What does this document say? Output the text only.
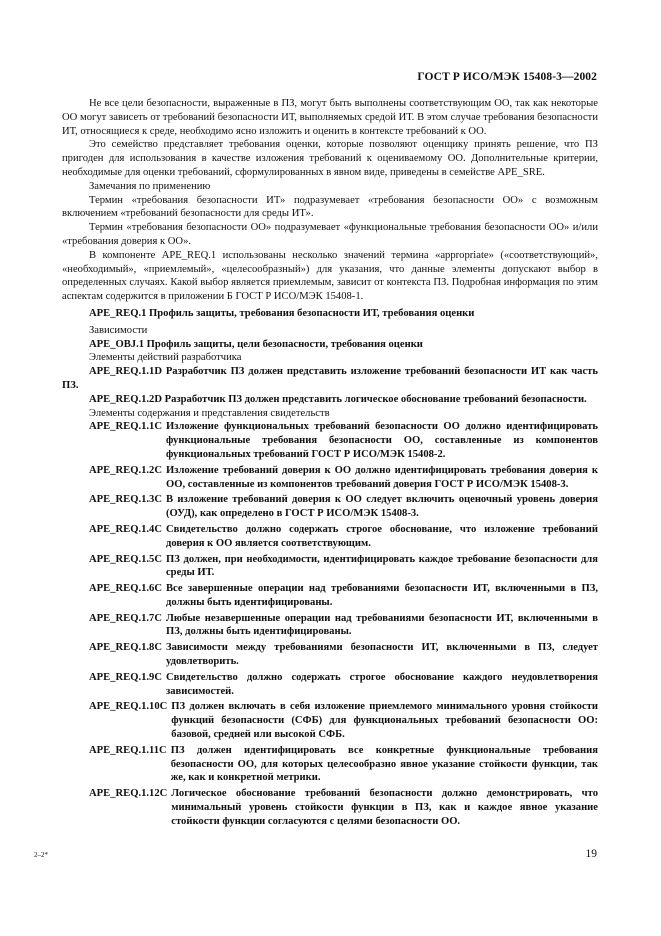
ГОСТ Р ИСО/МЭК 15408-3—2002

Не все цели безопасности, выраженные в ПЗ, могут быть выполнены соответствующим ОО, так как некоторые ОО могут зависеть от требований безопасности ИТ, выполняемых средой ИТ. В этом случае требования безопасности ИТ, относящиеся к среде, необходимо ясно изложить и оценить в контексте требований к ОО.

Это семейство представляет требования оценки, которые позволяют оценщику принять решение, что ПЗ пригоден для использования в качестве изложения требований к оцениваемому ОО. Дополнительные критерии, необходимые для оценки требований, сформулированных в явном виде, приведены в семействе APE_SRE.

Замечания по применению

Термин «требования безопасности ИТ» подразумевает «требования безопасности ОО» с возможным включением «требований безопасности для среды ИТ».

Термин «требования безопасности ОО» подразумевает «функциональные требования безопасности ОО» и/или «требования доверия к ОО».

В компоненте APE_REQ.1 использованы несколько значений термина «appropriate» («соответствующий», «необходимый», «приемлемый», «целесообразный») для указания, что данные элементы допускают выбор в определенных случаях. Какой выбор является приемлемым, зависит от контекста ПЗ. Подробная информация по этим аспектам содержится в приложении Б ГОСТ Р ИСО/МЭК 15408-1.

APE_REQ.1 Профиль защиты, требования безопасности ИТ, требования оценки

Зависимости

APE_OBJ.1 Профиль защиты, цели безопасности, требования оценки

Элементы действий разработчика

APE_REQ.1.1D Разработчик ПЗ должен представить изложение требований безопасности ИТ как часть ПЗ.

APE_REQ.1.2D Разработчик ПЗ должен представить логическое обоснование требований безопасности.

Элементы содержания и представления свидетельств

APE_REQ.1.1C Изложение функциональных требований безопасности ОО должно идентифицировать функциональные требования безопасности ОО, составленные из компонентов функциональных требований ГОСТ Р ИСО/МЭК 15408-2.
APE_REQ.1.2C Изложение требований доверия к ОО должно идентифицировать требования доверия к ОО, составленные из компонентов требований доверия ГОСТ Р ИСО/МЭК 15408-3.
APE_REQ.1.3C В изложение требований доверия к ОО следует включить оценочный уровень доверия (ОУД), как определено в ГОСТ Р ИСО/МЭК 15408-3.
APE_REQ.1.4C Свидетельство должно содержать строгое обоснование, что изложение требований доверия к ОО является соответствующим.
APE_REQ.1.5C ПЗ должен, при необходимости, идентифицировать каждое требование безопасности для среды ИТ.
APE_REQ.1.6C Все завершенные операции над требованиями безопасности ИТ, включенными в ПЗ, должны быть идентифицированы.
APE_REQ.1.7C Любые незавершенные операции над требованиями безопасности ИТ, включенными в ПЗ, должны быть идентифицированы.
APE_REQ.1.8C Зависимости между требованиями безопасности ИТ, включенными в ПЗ, следует удовлетворить.
APE_REQ.1.9C Свидетельство должно содержать строгое обоснование каждого неудовлетворения зависимостей.
APE_REQ.1.10C ПЗ должен включать в себя изложение приемлемого минимального уровня стойкости функций безопасности (СФБ) для функциональных требований безопасности ОО: базовой, средней или высокой СФБ.
APE_REQ.1.11C ПЗ должен идентифицировать все конкретные функциональные требования безопасности ОО, для которых целесообразно явное указание стойкости функции, так же, как и конкретной метрики.
APE_REQ.1.12C Логическое обоснование требований безопасности должно демонстрировать, что минимальный уровень стойкости функции в ПЗ, как и каждое явное указание стойкости функции согласуются с целями безопасности ОО.
2–2*	19
